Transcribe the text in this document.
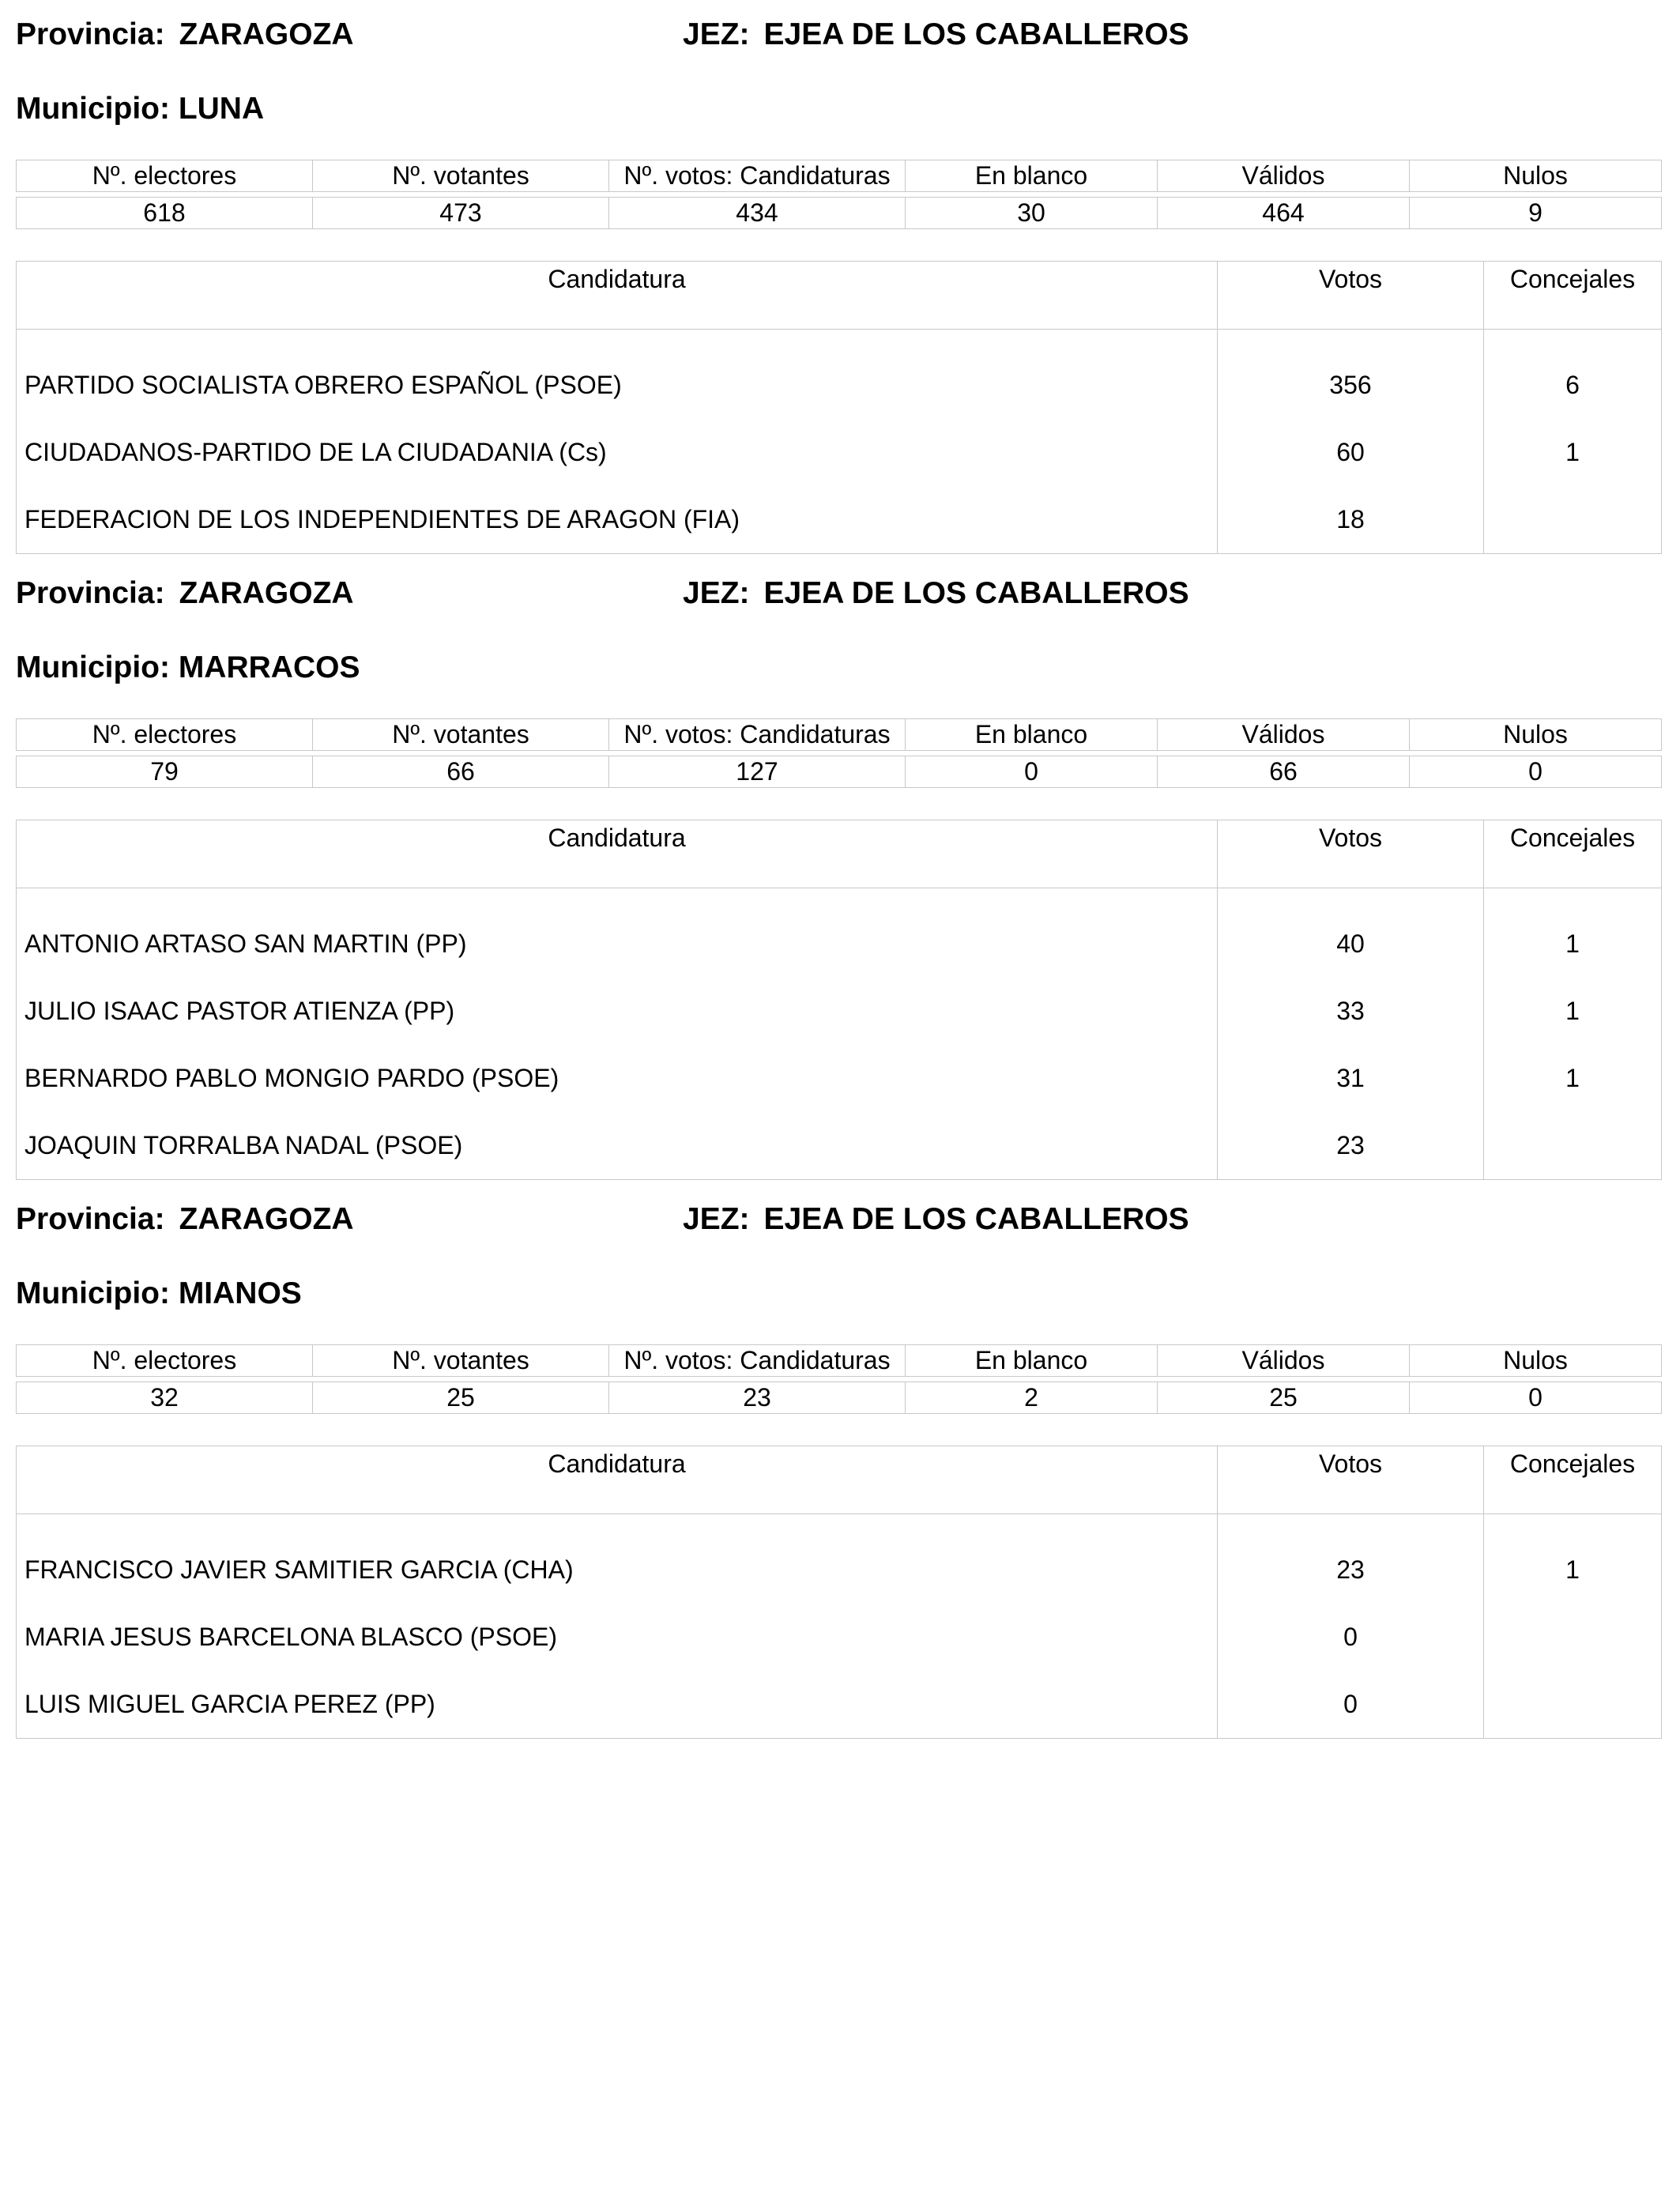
Provincia: ZARAGOZA	JEZ: EJEA DE LOS CABALLEROS
Municipio: LUNA
Nº. electores	Nº. votantes	Nº. votos: Candidaturas	En blanco	Válidos	Nulos

618	473	434	30	464	9
Candidatura	Votos	Concejales
PARTIDO SOCIALISTA OBRERO ESPAÑOL (PSOE)	356	6
CIUDADANOS-PARTIDO DE LA CIUDADANIA (Cs)	60	1
FEDERACION DE LOS INDEPENDIENTES DE ARAGON (FIA)	18	
Provincia: ZARAGOZA	JEZ: EJEA DE LOS CABALLEROS
Municipio: MARRACOS
Nº. electores	Nº. votantes	Nº. votos: Candidaturas	En blanco	Válidos	Nulos

79	66	127	0	66	0
Candidatura	Votos	Concejales
ANTONIO ARTASO SAN MARTIN (PP)	40	1
JULIO ISAAC PASTOR ATIENZA (PP)	33	1
BERNARDO PABLO MONGIO PARDO (PSOE)	31	1
JOAQUIN TORRALBA NADAL (PSOE)	23	
Provincia: ZARAGOZA	JEZ: EJEA DE LOS CABALLEROS
Municipio: MIANOS
Nº. electores	Nº. votantes	Nº. votos: Candidaturas	En blanco	Válidos	Nulos

32	25	23	2	25	0
Candidatura	Votos	Concejales
FRANCISCO JAVIER SAMITIER GARCIA (CHA)	23	1
MARIA JESUS BARCELONA BLASCO (PSOE)	0	
LUIS MIGUEL GARCIA PEREZ (PP)	0	
